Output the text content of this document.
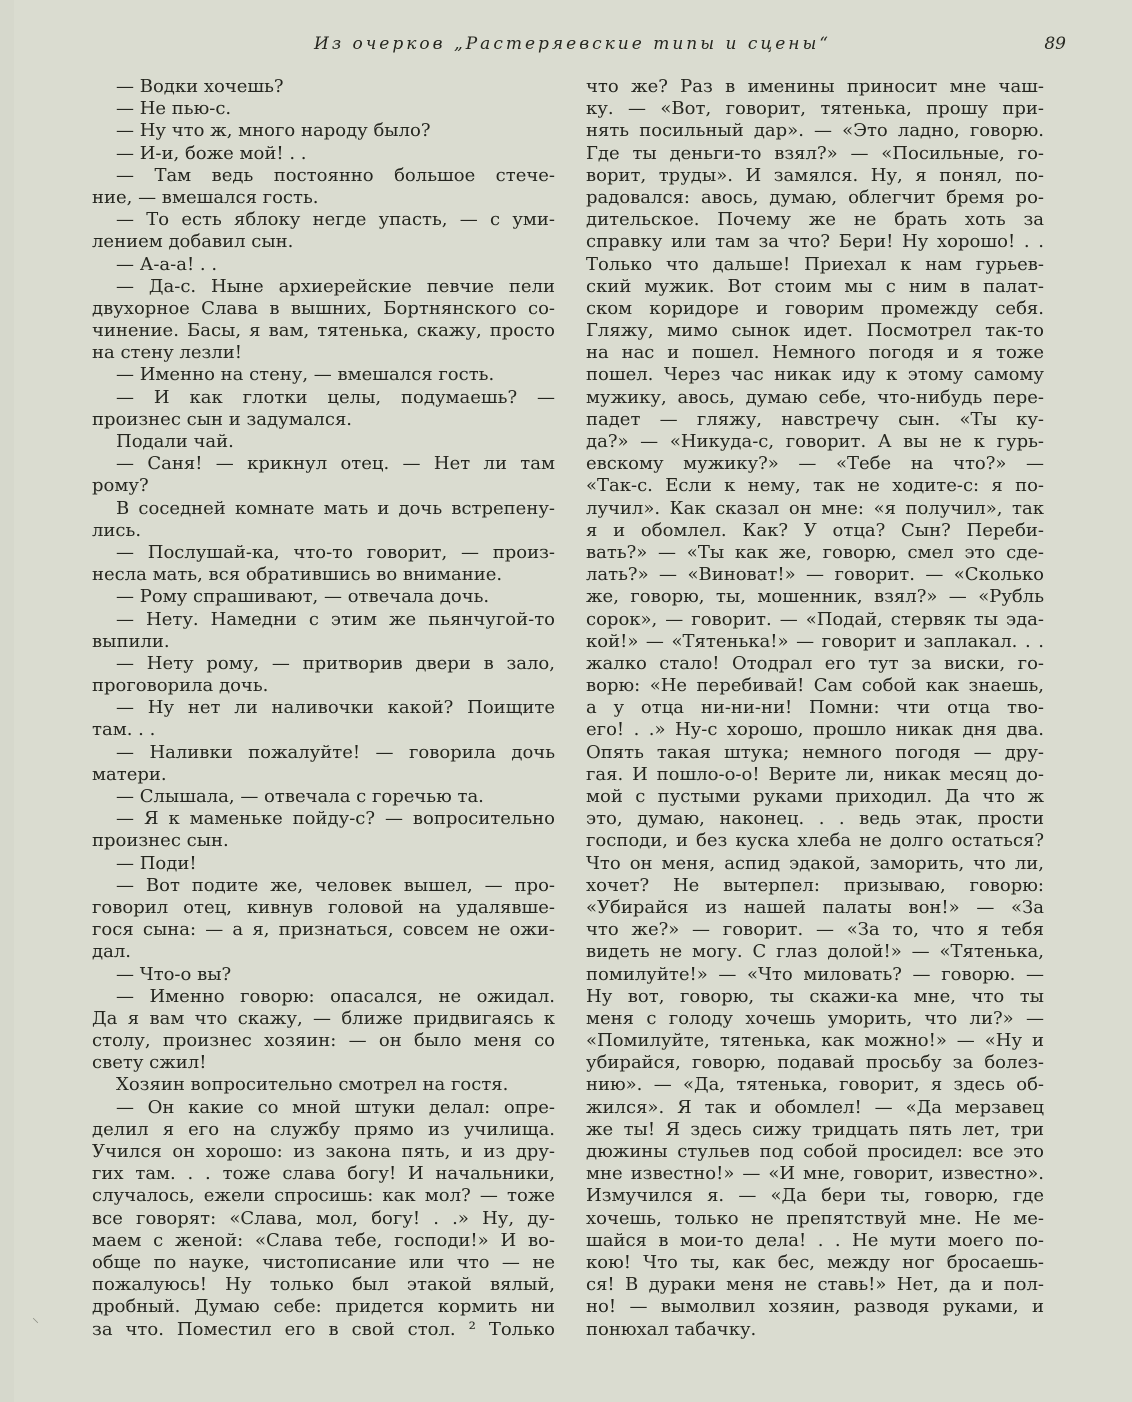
Из очерков „Растеряевские типы и сцены“	89

— Водки хочешь?

— Не пью-с.

— Ну что ж, много народу было?

— И-и, боже мой! . .

— Там ведь постоянно большое стече-

ние, — вмешался гость.

— То есть яблоку негде упасть, — с уми-

лением добавил сын.

— А-а-а! . .

— Да-с. Ныне архиерейские певчие пели

двухорное Слава в вышних, Бортнянского со-

чинение. Басы, я вам, тятенька, скажу, просто

на стену лезли!

— Именно на стену, — вмешался гость.

— И как глотки целы, подумаешь? —

произнес сын и задумался.

Подали чай.

— Саня! — крикнул отец. — Нет ли там

рому?

В соседней комнате мать и дочь встрепену-

лись.

— Послушай-ка, что-то говорит, — произ-

несла мать, вся обратившись во внимание.

— Рому спрашивают, — отвечала дочь.

— Нету. Намедни с этим же пьянчугой-то

выпили.

— Нету рому, — притворив двери в зало,

проговорила дочь.

— Ну нет ли наливочки какой? Поищите

там. . .

— Наливки пожалуйте! — говорила дочь

матери.

— Слышала, — отвечала с горечью та.

— Я к маменьке пойду-с? — вопросительно

произнес сын.

— Поди!

— Вот подите же, человек вышел, — про-

говорил отец, кивнув головой на удалявше-

гося сына: — а я, признаться, совсем не ожи-

дал.

— Что-о вы?

— Именно говорю: опасался, не ожидал.

Да я вам что скажу, — ближе придвигаясь к

столу, произнес хозяин: — он было меня со

свету сжил!

Хозяин вопросительно смотрел на гостя.

— Он какие со мной штуки делал: опре-

делил я его на службу прямо из училища.

Учился он хорошо: из закона пять, и из дру-

гих там. . . тоже слава богу! И начальники,

случалось, ежели спросишь: как мол? — тоже

все говорят: «Слава, мол, богу! . .» Ну, ду-

маем с женой: «Слава тебе, господи!» И во-

обще по науке, чистописание или что — не

пожалуюсь! Ну только был этакой вялый,

дробный. Думаю себе: придется кормить ни

за что. Поместил его в свой стол. ² Только

что же? Раз в именины приносит мне чаш-

ку. — «Вот, говорит, тятенька, прошу при-

нять посильный дар». — «Это ладно, говорю.

Где ты деньги-то взял?» — «Посильные, го-

ворит, труды». И замялся. Ну, я понял, по-

радовался: авось, думаю, облегчит бремя ро-

дительское. Почему же не брать хоть за

справку или там за что? Бери! Ну хорошо! . .

Только что дальше! Приехал к нам гурьев-

ский мужик. Вот стоим мы с ним в палат-

ском коридоре и говорим промежду себя.

Гляжу, мимо сынок идет. Посмотрел так-то

на нас и пошел. Немного погодя и я тоже

пошел. Через час никак иду к этому самому

мужику, авось, думаю себе, что-нибудь пере-

падет — гляжу, навстречу сын. «Ты ку-

да?» — «Никуда-с, говорит. А вы не к гурь-

евскому мужику?» — «Тебе на что?» —

«Так-с. Если к нему, так не ходите-с: я по-

лучил». Как сказал он мне: «я получил», так

я и обомлел. Как? У отца? Сын? Переби-

вать?» — «Ты как же, говорю, смел это сде-

лать?» — «Виноват!» — говорит. — «Сколько

же, говорю, ты, мошенник, взял?» — «Рубль

сорок», — говорит. — «Подай, стервяк ты эда-

кой!» — «Тятенька!» — говорит и заплакал. . .

жалко стало! Отодрал его тут за виски, го-

ворю: «Не перебивай! Сам собой как знаешь,

а у отца ни-ни-ни! Помни: чти отца тво-

его! . .» Ну-с хорошо, прошло никак дня два.

Опять такая штука; немного погодя — дру-

гая. И пошло-о-о! Верите ли, никак месяц до-

мой с пустыми руками приходил. Да что ж

это, думаю, наконец. . . ведь этак, прости

господи, и без куска хлеба не долго остаться?

Что он меня, аспид эдакой, заморить, что ли,

хочет? Не вытерпел: призываю, говорю:

«Убирайся из нашей палаты вон!» — «За

что же?» — говорит. — «За то, что я тебя

видеть не могу. С глаз долой!» — «Тятенька,

помилуйте!» — «Что миловать? — говорю. —

Ну вот, говорю, ты скажи-ка мне, что ты

меня с голоду хочешь уморить, что ли?» —

«Помилуйте, тятенька, как можно!» — «Ну и

убирайся, говорю, подавай просьбу за болез-

нию». — «Да, тятенька, говорит, я здесь об-

жился». Я так и обомлел! — «Да мерзавец

же ты! Я здесь сижу тридцать пять лет, три

дюжины стульев под собой просидел: все это

мне известно!» — «И мне, говорит, известно».

Измучился я. — «Да бери ты, говорю, где

хочешь, только не препятствуй мне. Не ме-

шайся в мои-то дела! . . Не мути моего по-

кою! Что ты, как бес, между ног бросаешь-

ся! В дураки меня не ставь!» Нет, да и пол-

но! — вымолвил хозяин, разводя руками, и

понюхал табачку.

⸜
